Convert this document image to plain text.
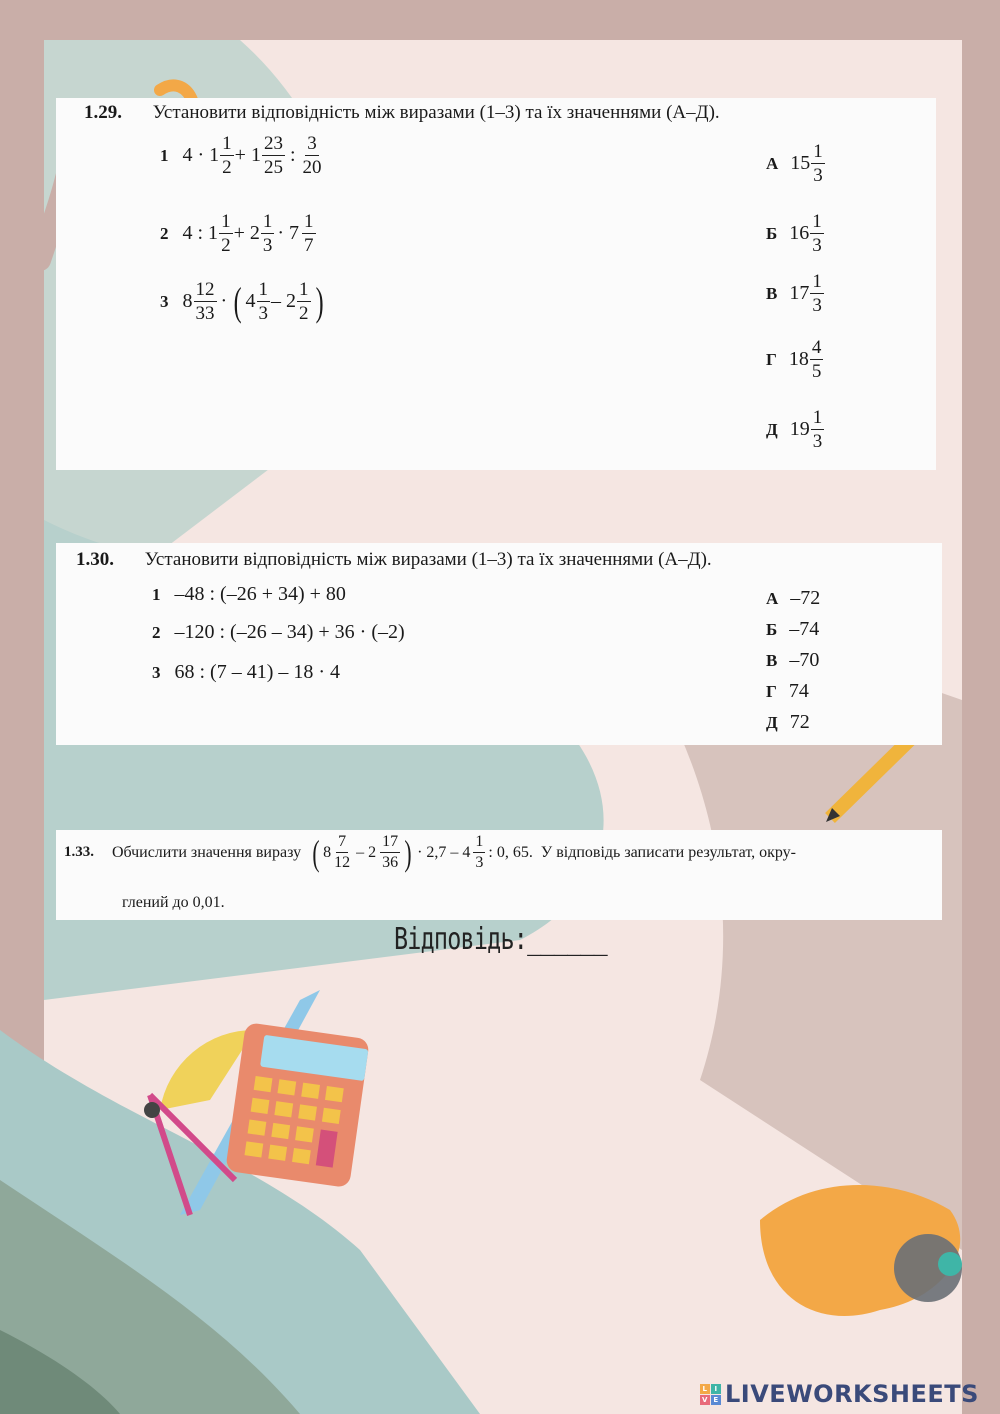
1.29. Установити відповідність між виразами (1–3) та їх значеннями (А–Д).
1 $4 \cdot 1 \frac{1}{2} + 1 \frac{23}{25}$ : $\frac{3}{20}$
2 4 : $1 \frac{1}{2} + 2 \frac{1}{3} \cdot 7 \frac{1}{7}$
3 $8 \frac{12}{33}$ · ( $4 \frac{1}{3} - 2 \frac{1}{2}$ )
А $15 \frac{1}{3}$
Б $16 \frac{1}{3}$
В $17 \frac{1}{3}$
Г $18 \frac{4}{5}$
Д $19 \frac{1}{3}$
1.30. Установити відповідність між виразами (1–3) та їх значеннями (А–Д).
1 –48 : (–26 + 34) + 80
2 –120 : (–26 – 34) + 36 · (–2)
3 68 : (7 – 41) – 18 · 4
А –72
Б –74
В –70
Г 74
Д 72
1.33. Обчислити значення виразу ( $8 \frac{7}{12} - 2 \frac{17}{36}$ ) · $2,7 - 4 \frac{1}{3}$ : 0, 65. У відповідь записати результат, окру-
глений до 0,01.
Відповідь:______
L I
V E LIVEWORKSHEETS
